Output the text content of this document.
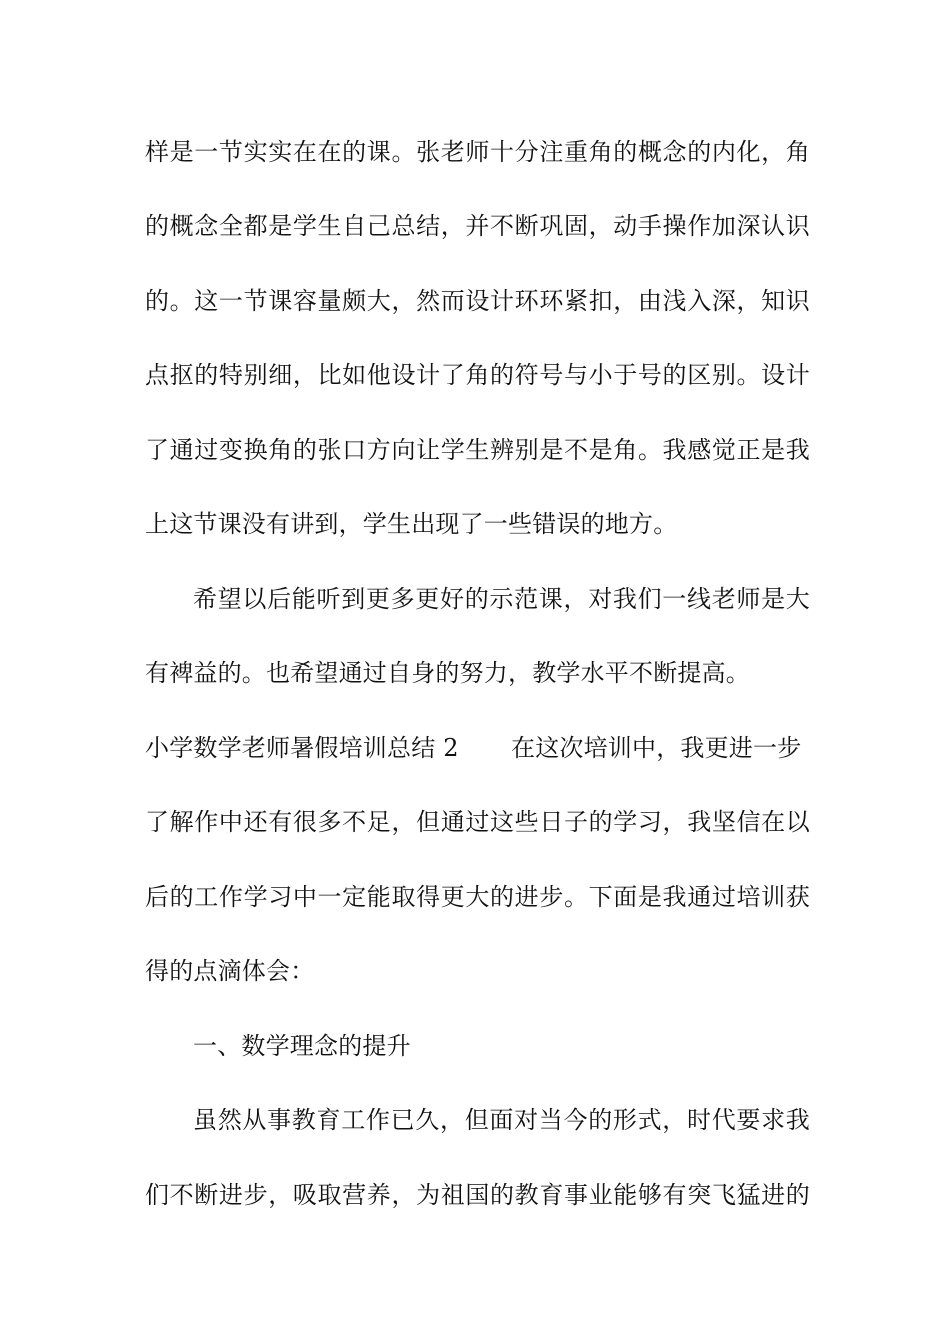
样是一节实实在在的课。张老师十分注重角的概念的内化，角
的概念全都是学生自己总结，并不断巩固，动手操作加深认识
的。这一节课容量颇大，然而设计环环紧扣，由浅入深，知识
点抠的特别细，比如他设计了角的符号与小于号的区别。设计
了通过变换角的张口方向让学生辨别是不是角。我感觉正是我
上这节课没有讲到，学生出现了一些错误的地方。
希望以后能听到更多更好的示范课，对我们一线老师是大
有裨益的。也希望通过自身的努力，教学水平不断提高。
小学数学老师暑假培训总结 2 在这次培训中，我更进一步
了解作中还有很多不足，但通过这些日子的学习，我坚信在以
后的工作学习中一定能取得更大的进步。下面是我通过培训获
得的点滴体会：
一、数学理念的提升
虽然从事教育工作已久，但面对当今的形式，时代要求我
们不断进步，吸取营养，为祖国的教育事业能够有突飞猛进的
